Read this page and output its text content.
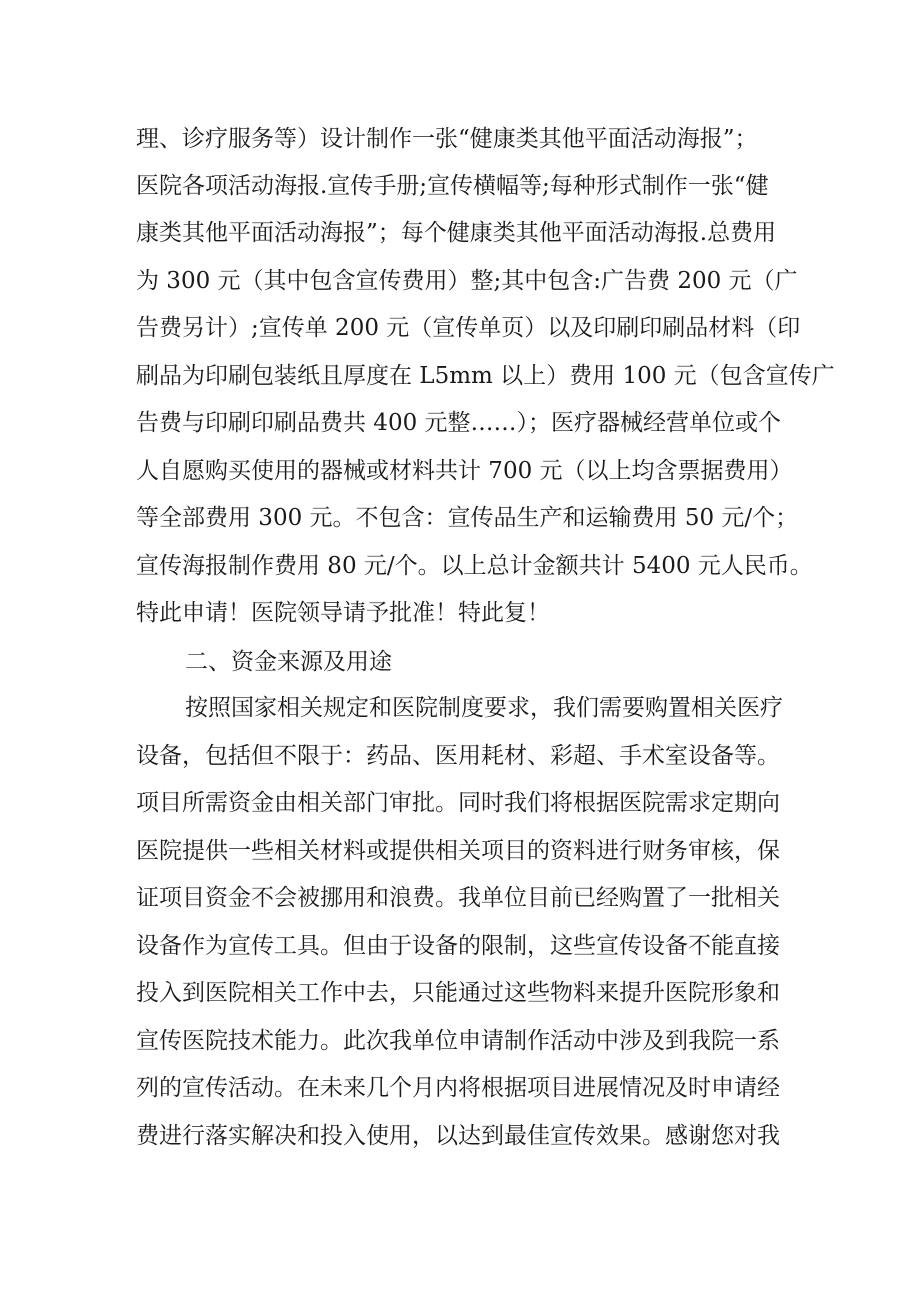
理、诊疗服务等）设计制作一张“健康类其他平面活动海报”；
医院各项活动海报.宣传手册;宣传横幅等;每种形式制作一张“健
康类其他平面活动海报”；每个健康类其他平面活动海报.总费用
为 300 元（其中包含宣传费用）整;其中包含:广告费 200 元（广
告费另计）;宣传单 200 元（宣传单页）以及印刷印刷品材料（印
刷品为印刷包装纸且厚度在 L5mm 以上）费用 100 元（包含宣传广
告费与印刷印刷品费共 400 元整……）；医疗器械经营单位或个
人自愿购买使用的器械或材料共计 700 元（以上均含票据费用）
等全部费用 300 元。不包含：宣传品生产和运输费用 50 元/个；
宣传海报制作费用 80 元/个。以上总计金额共计 5400 元人民币。
特此申请！医院领导请予批准！特此复！
二、资金来源及用途
按照国家相关规定和医院制度要求，我们需要购置相关医疗
设备，包括但不限于：药品、医用耗材、彩超、手术室设备等。
项目所需资金由相关部门审批。同时我们将根据医院需求定期向
医院提供一些相关材料或提供相关项目的资料进行财务审核，保
证项目资金不会被挪用和浪费。我单位目前已经购置了一批相关
设备作为宣传工具。但由于设备的限制，这些宣传设备不能直接
投入到医院相关工作中去，只能通过这些物料来提升医院形象和
宣传医院技术能力。此次我单位申请制作活动中涉及到我院一系
列的宣传活动。在未来几个月内将根据项目进展情况及时申请经
费进行落实解决和投入使用，以达到最佳宣传效果。感谢您对我
